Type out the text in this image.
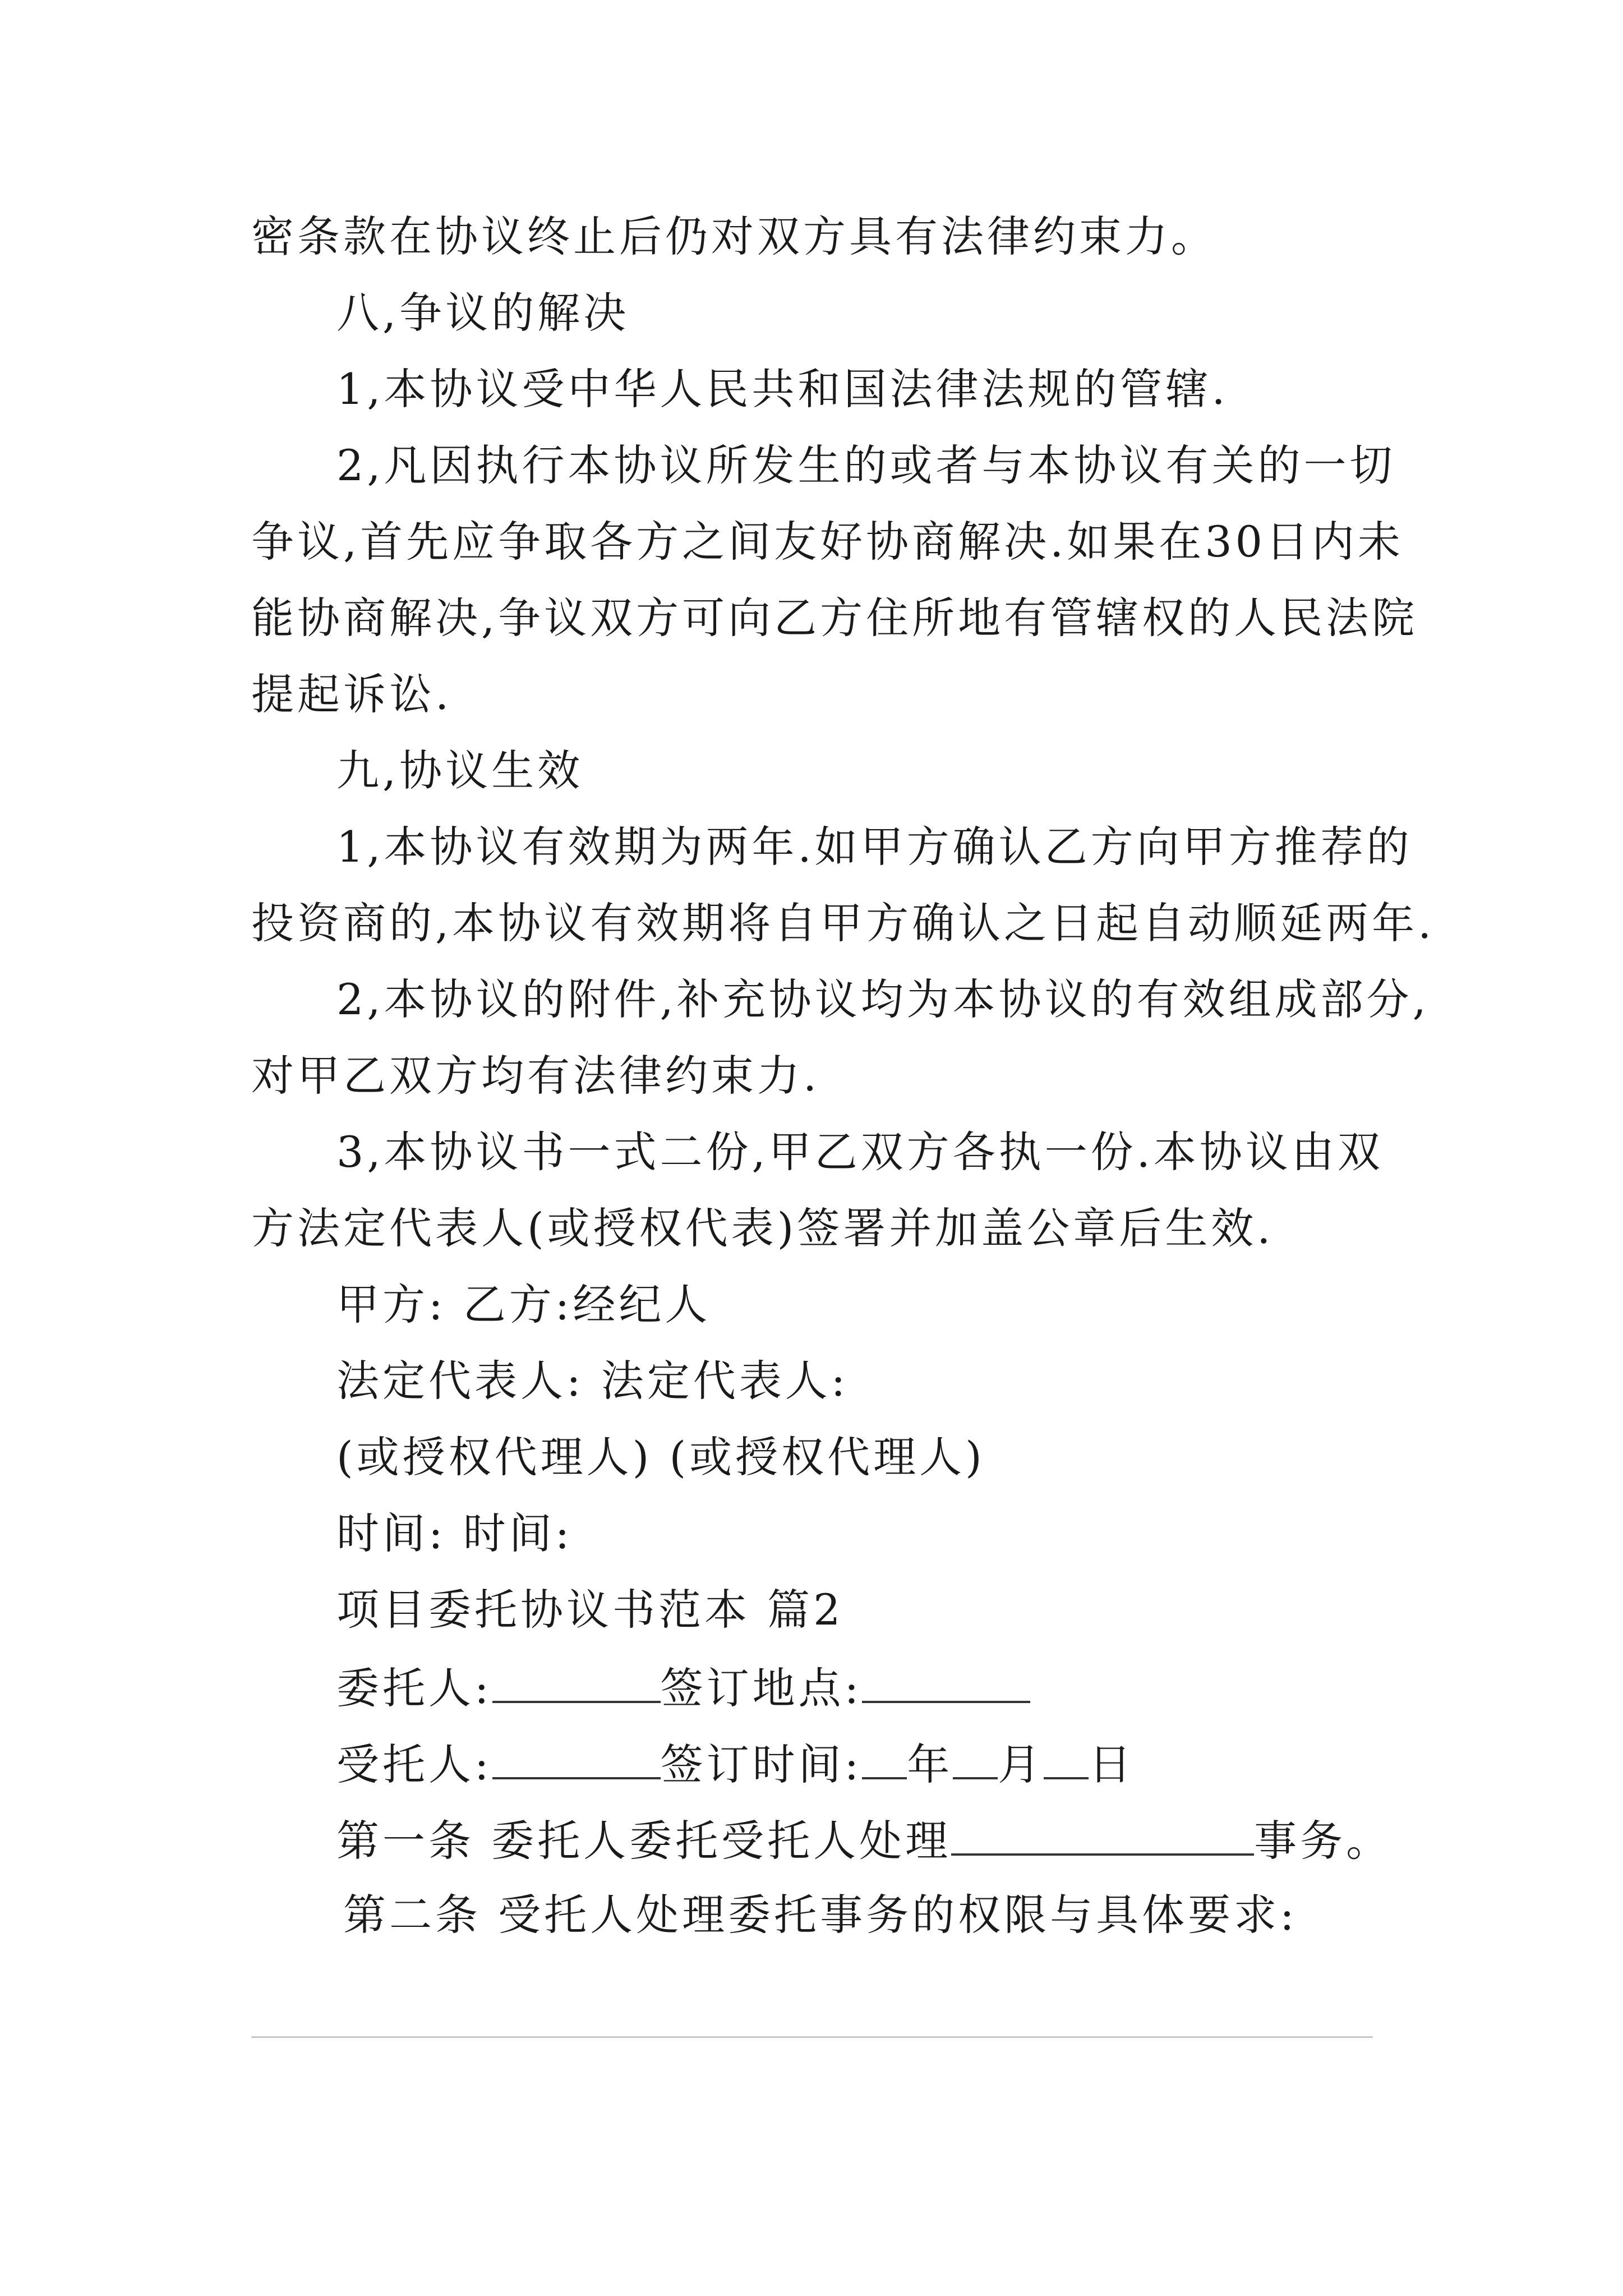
密条款在协议终止后仍对双方具有法律约束力。
八,争议的解决
1,本协议受中华人民共和国法律法规的管辖.
2,凡因执行本协议所发生的或者与本协议有关的一切
争议,首先应争取各方之间友好协商解决.如果在30日内未
能协商解决,争议双方可向乙方住所地有管辖权的人民法院
提起诉讼.
九,协议生效
1,本协议有效期为两年.如甲方确认乙方向甲方推荐的
投资商的,本协议有效期将自甲方确认之日起自动顺延两年.
2,本协议的附件,补充协议均为本协议的有效组成部分,
对甲乙双方均有法律约束力.
3,本协议书一式二份,甲乙双方各执一份.本协议由双
方法定代表人(或授权代表)签署并加盖公章后生效.
甲方: 乙方:经纪人
法定代表人: 法定代表人:
(或授权代理人) (或授权代理人)
时间: 时间:
项目委托协议书范本 篇2
委托人:	签订地点:
受托人:	签订时间: 年 月 日
第一条 委托人委托受托人处理	事务。
第二条 受托人处理委托事务的权限与具体要求:
